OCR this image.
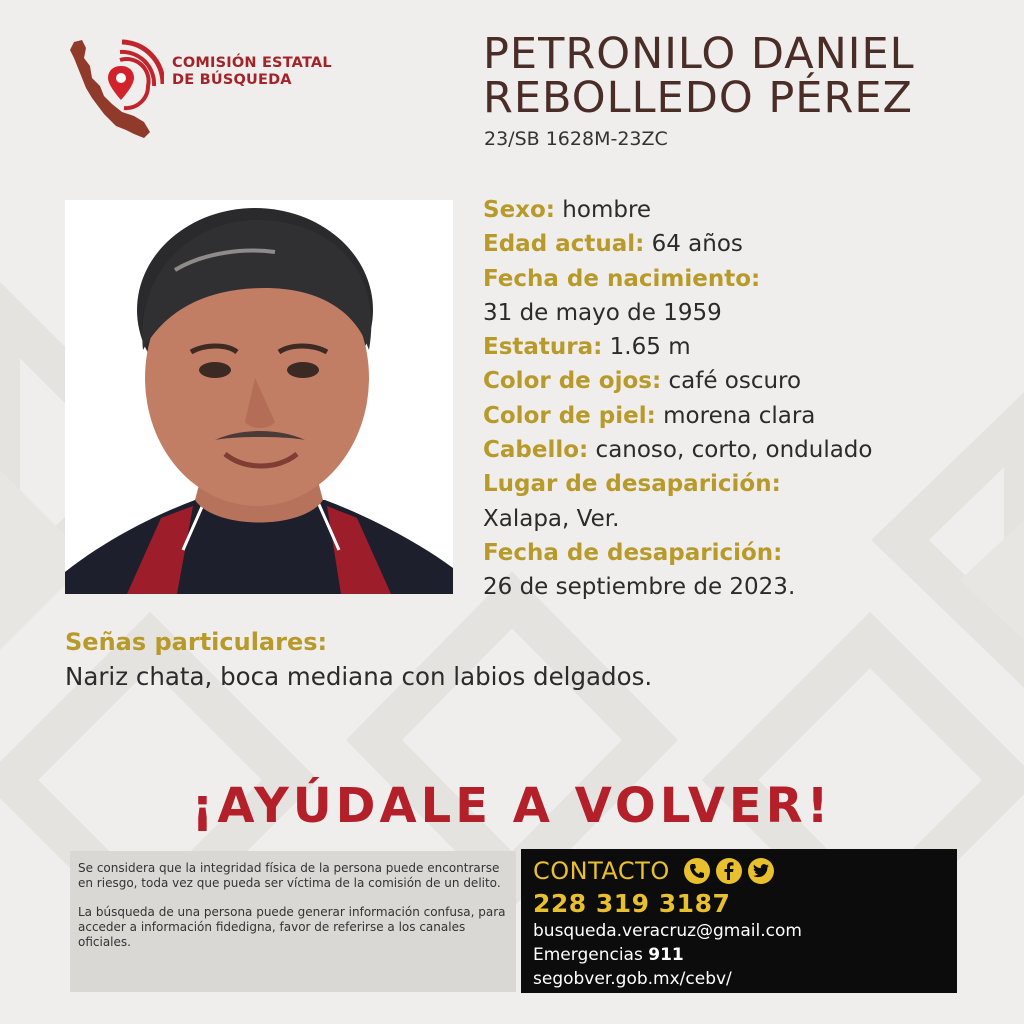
COMISIÓN ESTATAL
DE BÚSQUEDA
PETRONILO DANIEL
REBOLLEDO PÉREZ
23/SB 1628M-23ZC
Sexo: hombre
Edad actual: 64 años
Fecha de nacimiento:
31 de mayo de 1959
Estatura: 1.65 m
Color de ojos: café oscuro
Color de piel: morena clara
Cabello: canoso, corto, ondulado
Lugar de desaparición:
Xalapa, Ver.
Fecha de desaparición:
26 de septiembre de 2023.
Señas particulares:
Nariz chata, boca mediana con labios delgados.
¡AYÚDALE A VOLVER!

Se considera que la integridad física de la persona puede encontrarse en riesgo, toda vez que pueda ser víctima de la comisión de un delito.

La búsqueda de una persona puede generar información confusa, para acceder a información fidedigna, favor de referirse a los canales oficiales.

CONTACTO
228 319 3187
busqueda.veracruz@gmail.com
Emergencias 911
segobver.gob.mx/cebv/
